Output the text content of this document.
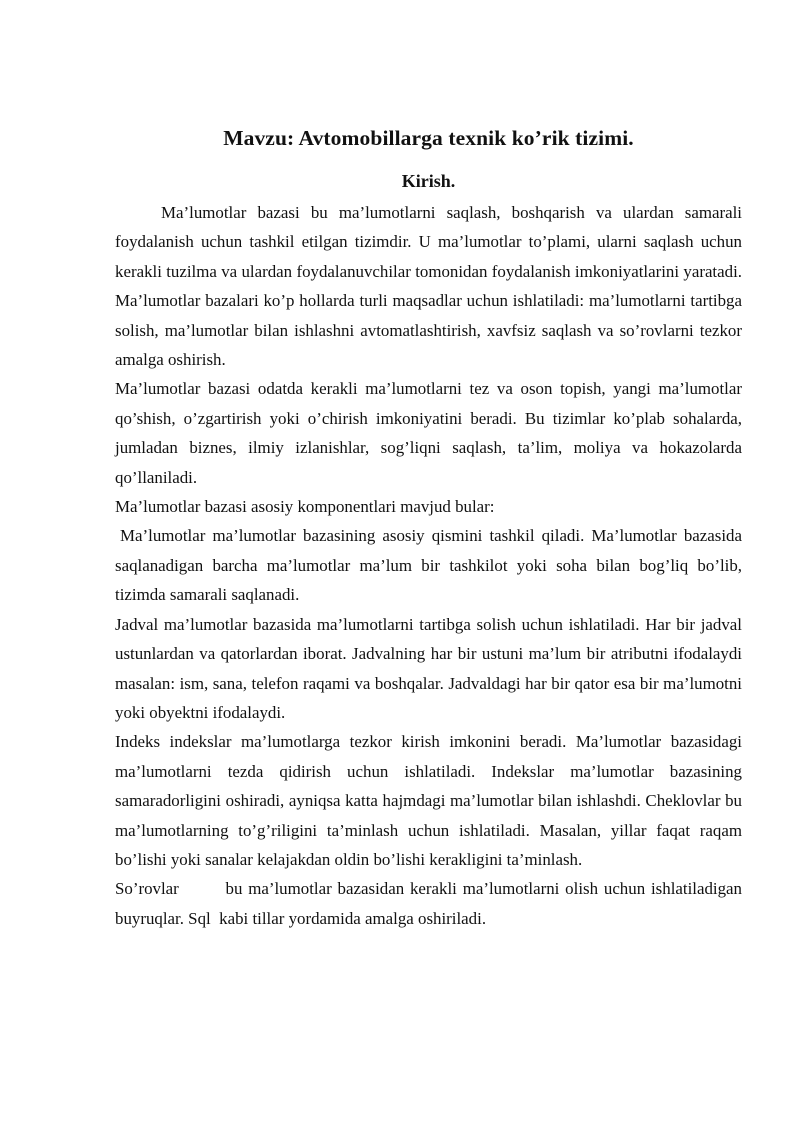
Mavzu: Avtomobillarga texnik ko’rik tizimi.
Kirish.

Ma’lumotlar bazasi bu ma’lumotlarni saqlash, boshqarish va ulardan samarali foydalanish uchun tashkil etilgan tizimdir. U ma’lumotlar to’plami, ularni saqlash uchun kerakli tuzilma va ulardan foydalanuvchilar tomonidan foydalanish imkoniyatlarini yaratadi. Ma’lumotlar bazalari ko’p hollarda turli maqsadlar uchun ishlatiladi: ma’lumotlarni tartibga solish, ma’lumotlar bilan ishlashni avtomatlashtirish, xavfsiz saqlash va so’rovlarni tezkor amalga oshirish.

Ma’lumotlar bazasi odatda kerakli ma’lumotlarni tez va oson topish, yangi ma’lumotlar qo’shish, o’zgartirish yoki o’chirish imkoniyatini beradi. Bu tizimlar ko’plab sohalarda, jumladan biznes, ilmiy izlanishlar, sog’liqni saqlash, ta’lim, moliya va hokazolarda qo’llaniladi.

Ma’lumotlar bazasi asosiy komponentlari mavjud bular:

Ma’lumotlar ma’lumotlar bazasining asosiy qismini tashkil qiladi. Ma’lumotlar bazasida saqlanadigan barcha ma’lumotlar ma’lum bir tashkilot yoki soha bilan bog’liq bo’lib, tizimda samarali saqlanadi.

Jadval ma’lumotlar bazasida ma’lumotlarni tartibga solish uchun ishlatiladi. Har bir jadval ustunlardan va qatorlardan iborat. Jadvalning har bir ustuni ma’lum bir atributni ifodalaydi masalan: ism, sana, telefon raqami va boshqalar. Jadvaldagi har bir qator esa bir ma’lumotni yoki obyektni ifodalaydi.

Indeks indekslar ma’lumotlarga tezkor kirish imkonini beradi. Ma’lumotlar bazasidagi ma’lumotlarni tezda qidirish uchun ishlatiladi. Indekslar ma’lumotlar bazasining samaradorligini oshiradi, ayniqsa katta hajmdagi ma’lumotlar bilan ishlashdi. Cheklovlar bu ma’lumotlarning to’g’riligini ta’minlash uchun ishlatiladi. Masalan, yillar faqat raqam bo’lishi yoki sanalar kelajakdan oldin bo’lishi kerakligini ta’minlash.

So’rovlar        bu ma’lumotlar bazasidan kerakli ma’lumotlarni olish uchun ishlatiladigan buyruqlar. Sql  kabi tillar yordamida amalga oshiriladi.
